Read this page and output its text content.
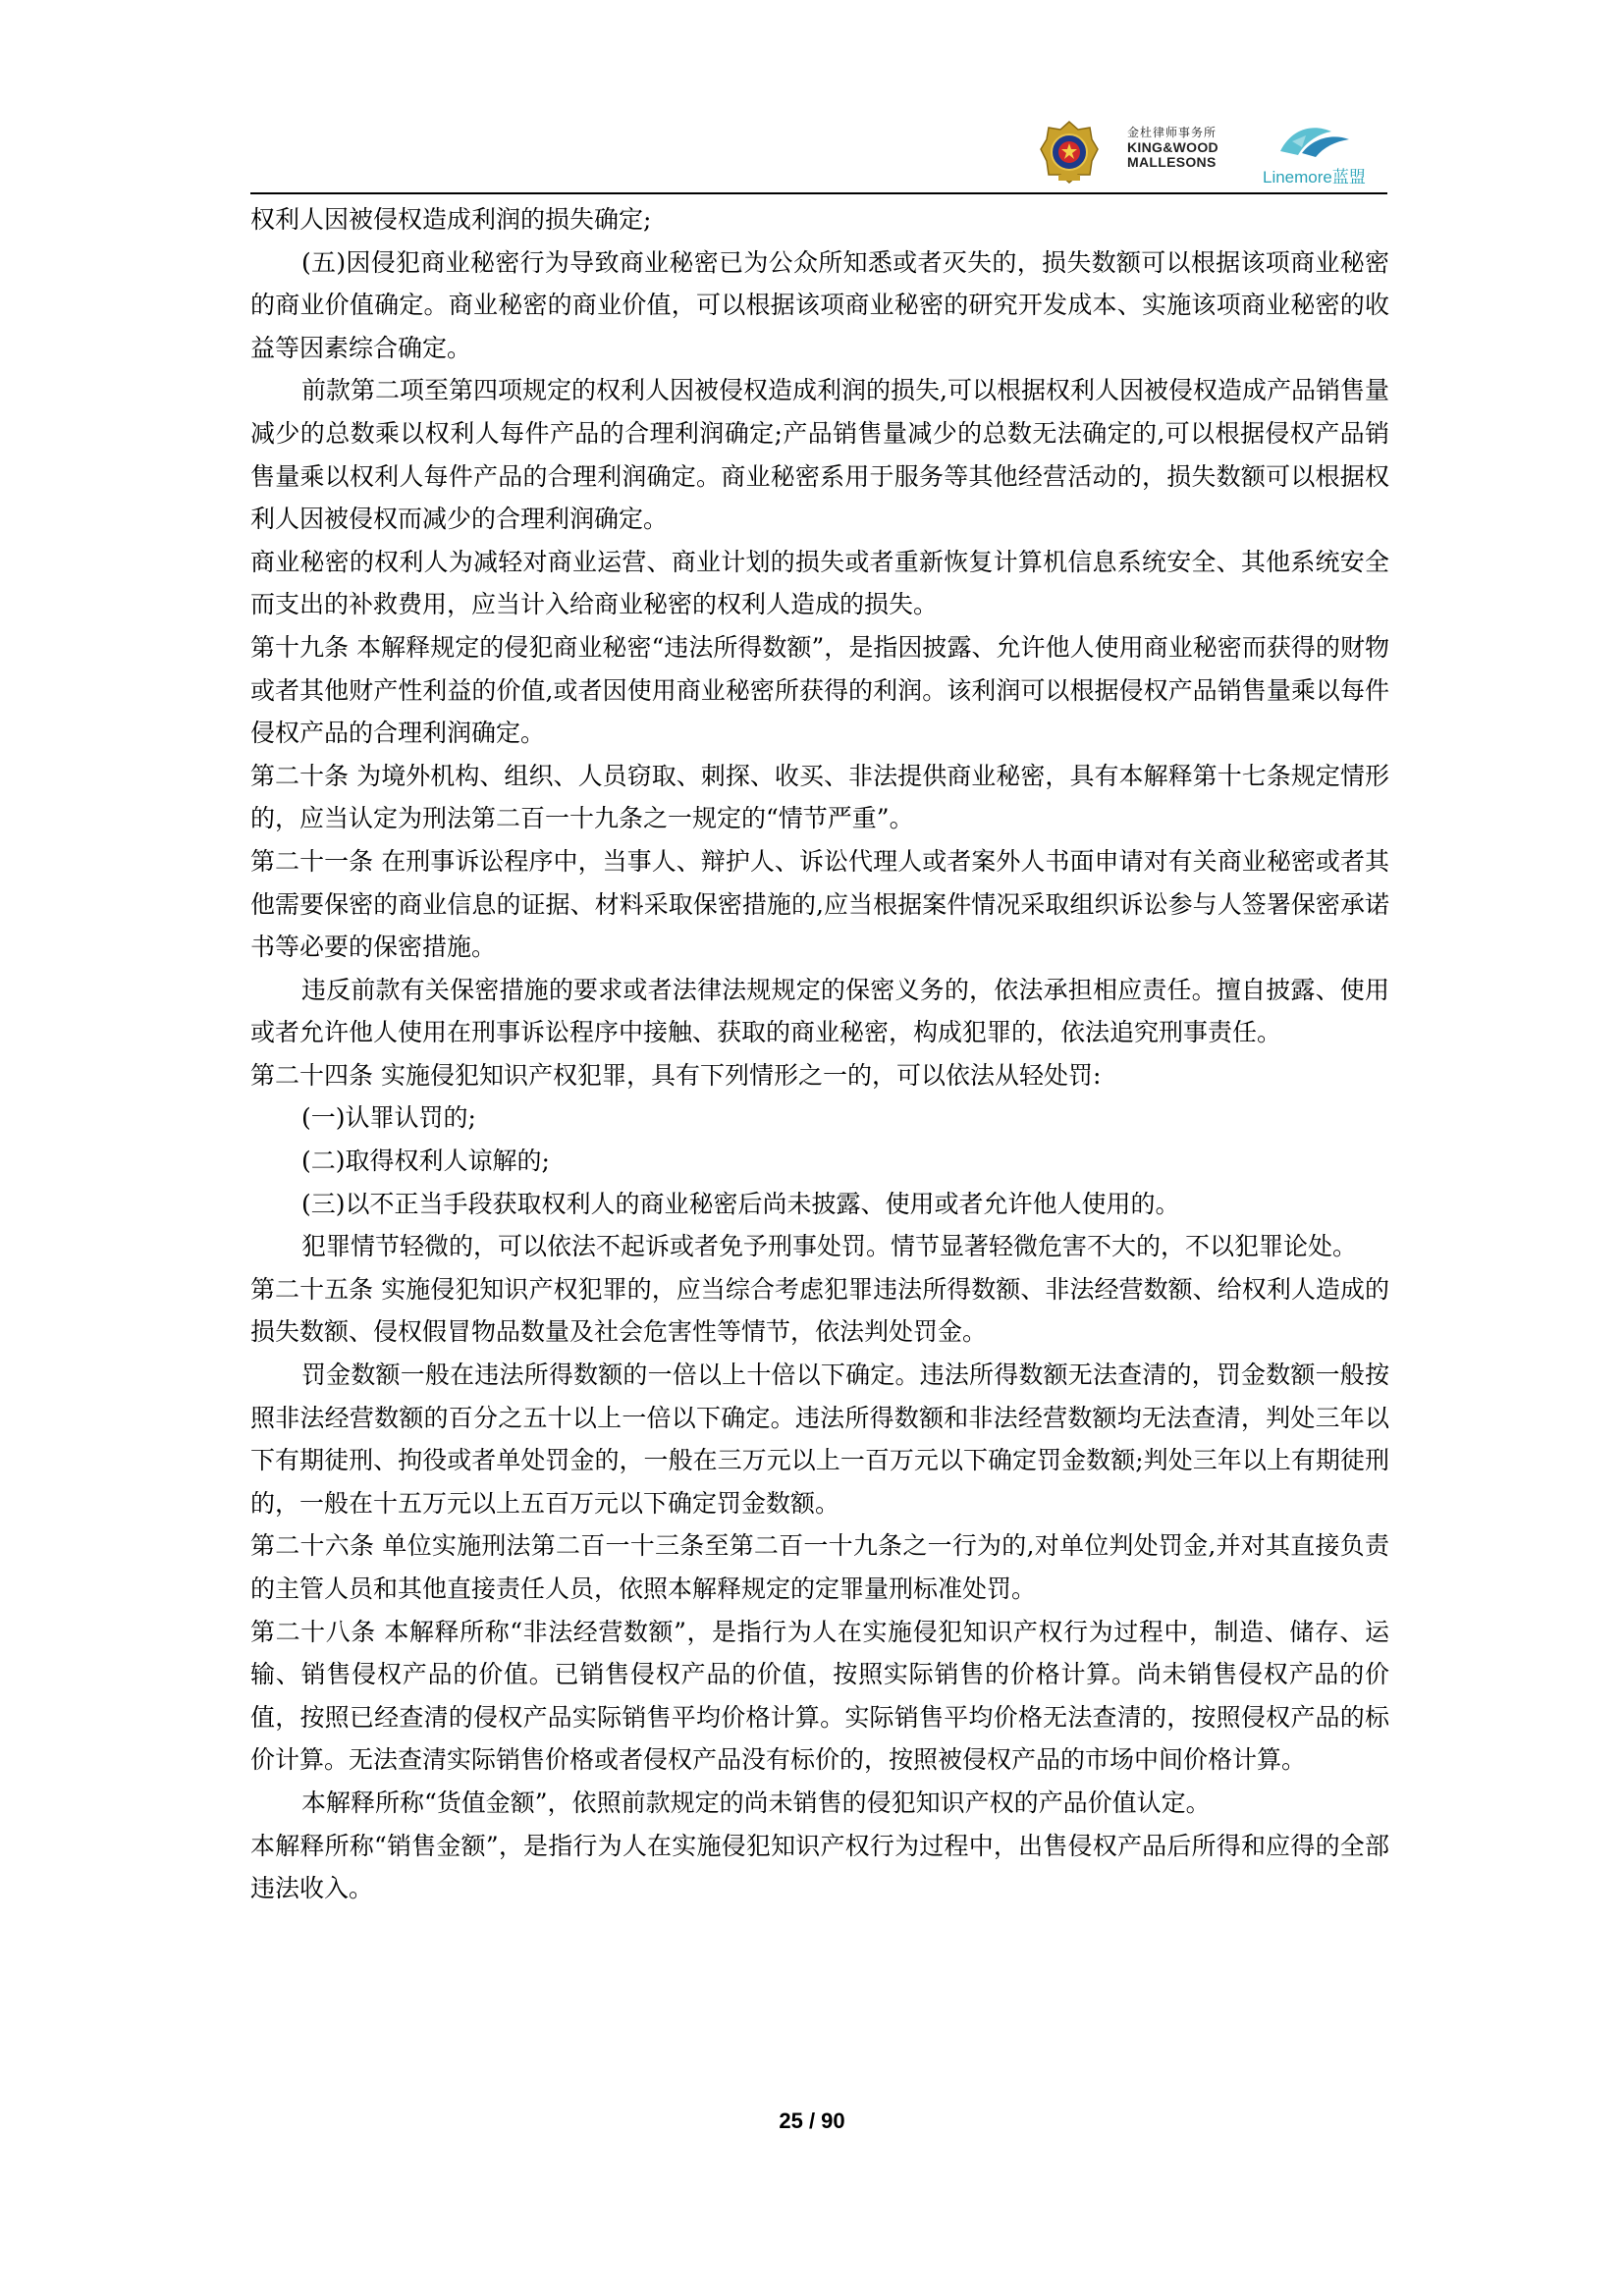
金杜律师事务所
KING&WOOD
MALLESONS
Linemore蓝盟

权利人因被侵权造成利润的损失确定;

(五)因侵犯商业秘密行为导致商业秘密已为公众所知悉或者灭失的，损失数额可以根据该项商业秘密的商业价值确定。商业秘密的商业价值，可以根据该项商业秘密的研究开发成本、实施该项商业秘密的收益等因素综合确定。

前款第二项至第四项规定的权利人因被侵权造成利润的损失,可以根据权利人因被侵权造成产品销售量减少的总数乘以权利人每件产品的合理利润确定;产品销售量减少的总数无法确定的,可以根据侵权产品销售量乘以权利人每件产品的合理利润确定。商业秘密系用于服务等其他经营活动的，损失数额可以根据权利人因被侵权而减少的合理利润确定。

商业秘密的权利人为减轻对商业运营、商业计划的损失或者重新恢复计算机信息系统安全、其他系统安全而支出的补救费用，应当计入给商业秘密的权利人造成的损失。

第十九条 本解释规定的侵犯商业秘密“违法所得数额”，是指因披露、允许他人使用商业秘密而获得的财物或者其他财产性利益的价值,或者因使用商业秘密所获得的利润。该利润可以根据侵权产品销售量乘以每件侵权产品的合理利润确定。

第二十条 为境外机构、组织、人员窃取、刺探、收买、非法提供商业秘密，具有本解释第十七条规定情形的，应当认定为刑法第二百一十九条之一规定的“情节严重”。

第二十一条 在刑事诉讼程序中，当事人、辩护人、诉讼代理人或者案外人书面申请对有关商业秘密或者其他需要保密的商业信息的证据、材料采取保密措施的,应当根据案件情况采取组织诉讼参与人签署保密承诺书等必要的保密措施。

违反前款有关保密措施的要求或者法律法规规定的保密义务的，依法承担相应责任。擅自披露、使用或者允许他人使用在刑事诉讼程序中接触、获取的商业秘密，构成犯罪的，依法追究刑事责任。

第二十四条 实施侵犯知识产权犯罪，具有下列情形之一的，可以依法从轻处罚:

(一)认罪认罚的;

(二)取得权利人谅解的;

(三)以不正当手段获取权利人的商业秘密后尚未披露、使用或者允许他人使用的。

犯罪情节轻微的，可以依法不起诉或者免予刑事处罚。情节显著轻微危害不大的，不以犯罪论处。

第二十五条 实施侵犯知识产权犯罪的，应当综合考虑犯罪违法所得数额、非法经营数额、给权利人造成的损失数额、侵权假冒物品数量及社会危害性等情节，依法判处罚金。

罚金数额一般在违法所得数额的一倍以上十倍以下确定。违法所得数额无法查清的，罚金数额一般按照非法经营数额的百分之五十以上一倍以下确定。违法所得数额和非法经营数额均无法查清，判处三年以下有期徒刑、拘役或者单处罚金的，一般在三万元以上一百万元以下确定罚金数额;判处三年以上有期徒刑的，一般在十五万元以上五百万元以下确定罚金数额。

第二十六条 单位实施刑法第二百一十三条至第二百一十九条之一行为的,对单位判处罚金,并对其直接负责的主管人员和其他直接责任人员，依照本解释规定的定罪量刑标准处罚。

第二十八条 本解释所称“非法经营数额”，是指行为人在实施侵犯知识产权行为过程中，制造、储存、运输、销售侵权产品的价值。已销售侵权产品的价值，按照实际销售的价格计算。尚未销售侵权产品的价值，按照已经查清的侵权产品实际销售平均价格计算。实际销售平均价格无法查清的，按照侵权产品的标价计算。无法查清实际销售价格或者侵权产品没有标价的，按照被侵权产品的市场中间价格计算。

本解释所称“货值金额”，依照前款规定的尚未销售的侵犯知识产权的产品价值认定。

本解释所称“销售金额”，是指行为人在实施侵犯知识产权行为过程中，出售侵权产品后所得和应得的全部违法收入。

25 / 90
